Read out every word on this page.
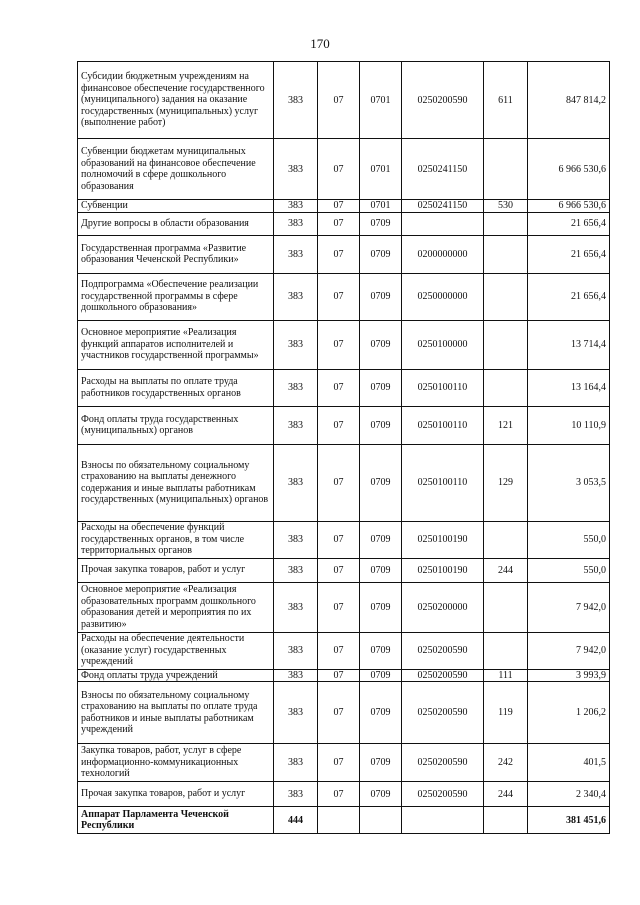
170
Субсидии бюджетным учреждениям на финансовое обеспечение государственного (муниципального) задания на оказание государственных (муниципальных) услуг (выполнение работ)	383	07	0701	0250200590	611	847 814,2
Субвенции бюджетам муниципальных образований на финансовое обеспечение полномочий в сфере дошкольного образования	383	07	0701	0250241150		6 966 530,6
Субвенции	383	07	0701	0250241150	530	6 966 530,6
Другие вопросы в области образования	383	07	0709			21 656,4
Государственная программа «Развитие образования Чеченской Республики»	383	07	0709	0200000000		21 656,4
Подпрограмма «Обеспечение реализации государственной программы в сфере дошкольного образования»	383	07	0709	0250000000		21 656,4
Основное мероприятие «Реализация функций аппаратов исполнителей и участников государственной программы»	383	07	0709	0250100000		13 714,4
Расходы на выплаты по оплате труда работников государственных органов	383	07	0709	0250100110		13 164,4
Фонд оплаты труда государственных (муниципальных) органов	383	07	0709	0250100110	121	10 110,9
Взносы по обязательному социальному страхованию на выплаты денежного содержания и иные выплаты работникам государственных (муниципальных) органов	383	07	0709	0250100110	129	3 053,5
Расходы на обеспечение функций государственных органов, в том числе территориальных органов	383	07	0709	0250100190		550,0
Прочая закупка товаров, работ и услуг	383	07	0709	0250100190	244	550,0
Основное мероприятие «Реализация образовательных программ дошкольного образования детей и мероприятия по их развитию»	383	07	0709	0250200000		7 942,0
Расходы на обеспечение деятельности (оказание услуг) государственных учреждений	383	07	0709	0250200590		7 942,0
Фонд оплаты труда учреждений	383	07	0709	0250200590	111	3 993,9
Взносы по обязательному социальному страхованию на выплаты по оплате труда работников и иные выплаты работникам учреждений	383	07	0709	0250200590	119	1 206,2
Закупка товаров, работ, услуг в сфере информационно-коммуникационных технологий	383	07	0709	0250200590	242	401,5
Прочая закупка товаров, работ и услуг	383	07	0709	0250200590	244	2 340,4
Аппарат Парламента Чеченской Республики	444					381 451,6
